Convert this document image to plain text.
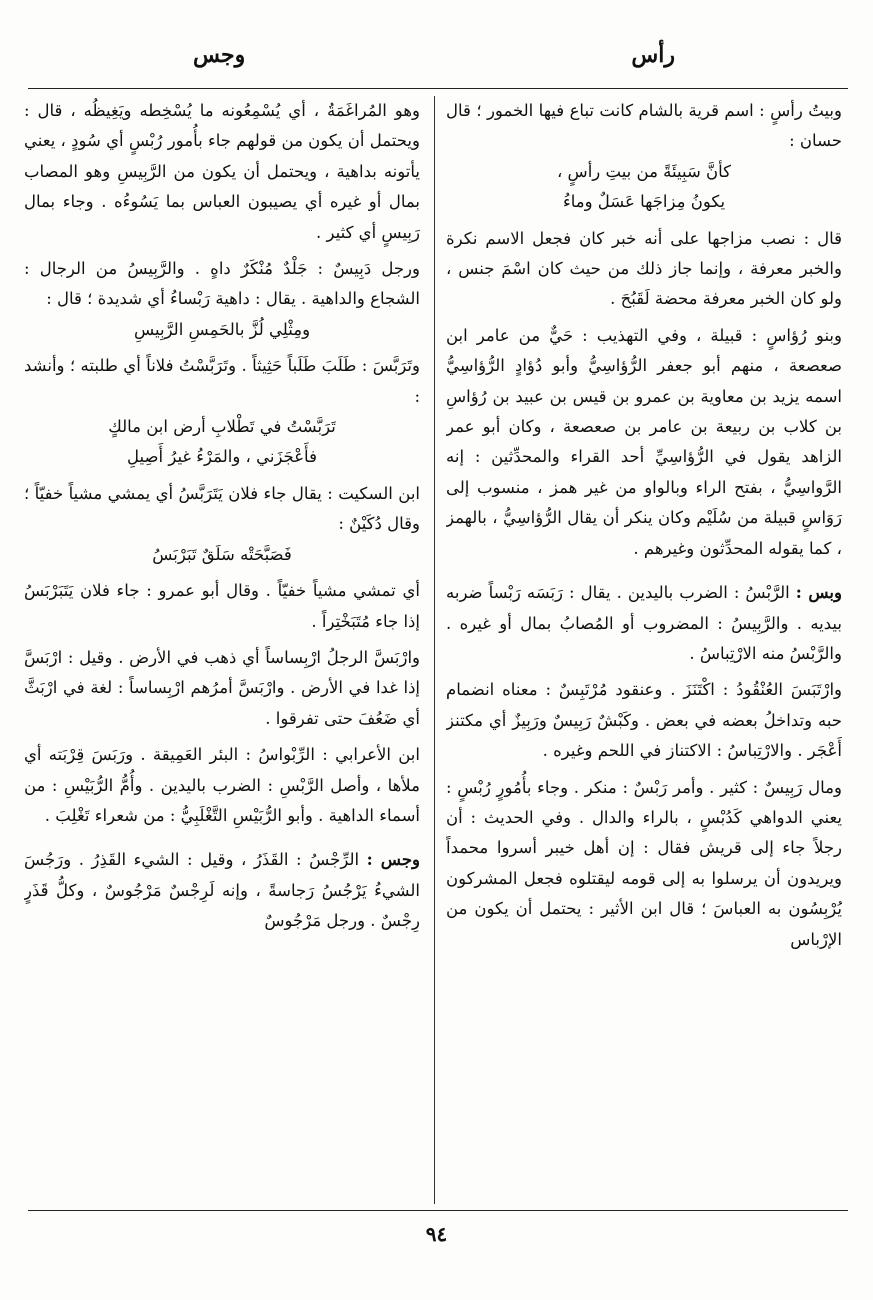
رأس
وجس

وبيتُ رأسٍ : اسم قرية بالشام كانت تباع فيها الخمور ؛ قال حسان :

كأنَّ سَبِيئَةً من بيتِ رأسٍ ،

يكونُ مِزاجَها عَسَلٌ وماءُ

قال : نصب مزاجها على أنه خبر كان فجعل الاسم نكرة والخبر معرفة ، وإنما جاز ذلك من حيث كان اسْمَ جنس ، ولو كان الخبر معرفة محضة لَقَبُحَ .

وبنو رُؤاسٍ : قبيلة ، وفي التهذيب : حَيٌّ من عامر ابن صعصعة ، منهم أبو جعفر الرُّؤاسِيُّ وأبو دُؤادٍ الرُّؤاسِيُّ اسمه يزيد بن معاوية بن عمرو بن قيس بن عبيد بن رُؤاسِ بن كلاب بن ربيعة بن عامر بن صعصعة ، وكان أبو عمر الزاهد يقول في الرُّؤاسِيِّ أحد القراء والمحدِّثين : إنه الرَّواسِيُّ ، بفتح الراء وبالواو من غير همز ، منسوب إلى رَوَاسٍ قبيلة من سُلَيْم وكان ينكر أن يقال الرُّؤاسِيُّ ، بالهمز ، كما يقوله المحدِّثون وغيرهم .

وبس : الرَّبْسُ : الضرب باليدين . يقال : رَبَسَه رَبْساً ضربه بيديه . والرَّبِيسُ : المضروب أو المُصابُ بمال أو غيره . والرَّبْسُ منه الارْتِباسُ .

وارْتَبَسَ العُنْقُودُ : اكْتَنَزَ . وعنقود مُرْتَبِسٌ : معناه انضمام حبه وتداخلُ بعضه في بعض . وكَبْشٌ رَبِيسٌ ورَبِيزٌ أي مكتنز أَعْجَر . والارْتِباسُ : الاكتناز في اللحم وغيره .

ومال رَبِيسٌ : كثير . وأمر رَبْسٌ : منكر . وجاء بأُمُورٍ رُبْسٍ : يعني الدواهي كَدُبْسٍ ، بالراء والدال . وفي الحديث : أن رجلاً جاء إلى قريش فقال : إن أهل خيبر أسروا محمداً ويريدون أن يرسلوا به إلى قومه ليقتلوه فجعل المشركون يُرْبِسُون به العباسَ ؛ قال ابن الأثير : يحتمل أن يكون من الإرْباس

وهو المُراغَمَةُ ، أي يُسْمِعُونه ما يُسْخِطه ويَغِيظُه ، قال : ويحتمل أن يكون من قولهم جاء بأُمور رُبْسٍ أي سُودٍ ، يعني يأتونه بداهية ، ويحتمل أن يكون من الرَّبِيسِ وهو المصاب بمال أو غيره أي يصيبون العباس بما يَسُوءُه . وجاء بمال رَبِيسٍ أي كثير .

ورجل دَبِيسٌ : جَلْدٌ مُنْكَرٌ داهٍ . والرَّبِيسُ من الرجال : الشجاع والداهية . يقال : داهية رَبْساءُ أي شديدة ؛ قال :

ومِثْلِي لُزَّ بالحَمِسِ الرَّبِيسِ

وتَرَبَّسَ : طَلَبَ طَلَباً حَثِيثاً . وتَرَبَّسْتُ فلاناً أي طلبته ؛ وأنشد :

تَرَبَّسْتُ في تَطْلابِ أرض ابن مالكٍ

فأَعْجَزَني ، والمَرْءُ غيرُ أَصِيلِ

ابن السكيت : يقال جاء فلان يَتَرَبَّسُ أي يمشي مشياً خفيّاً ؛ وقال دُكَيْنٌ :

فَصَبَّحَتْه سَلَقٌ تَبَرْبَسُ

أي تمشي مشياً خفيّاً . وقال أبو عمرو : جاء فلان يَتَبَرْبَسُ إذا جاء مُتَبَخْتِراً .

وارْبَسَّ الرجلُ ارْبِساساً أي ذهب في الأرض . وقيل : ارْبَسَّ إذا غدا في الأرض . وارْبَسَّ أمرُهم ارْبِساساً : لغة في ارْبَثَّ أي ضَعُفَ حتى تفرقوا .

ابن الأعرابي : الرِّبْواسُ : البئر العَمِيقة . ورَبَسَ قِرْبَته أي ملأها ، وأصل الرَّبْسِ : الضرب باليدين . وأُمُّ الرُّبَيْسِ : من أسماء الداهية . وأبو الرُّبَيْسِ التَّغْلَبِيُّ : من شعراء تَغْلِبَ .

وجس : الرِّجْسُ : القَذَرُ ، وقيل : الشيء القَذِرُ . ورَجُسَ الشيءُ يَرْجُسُ رَجاسةً ، وإنه لَرِجْسٌ مَرْجُوسٌ ، وكلُّ قَذَرٍ رِجْسٌ . ورجل مَرْجُوسٌ

٩٤
